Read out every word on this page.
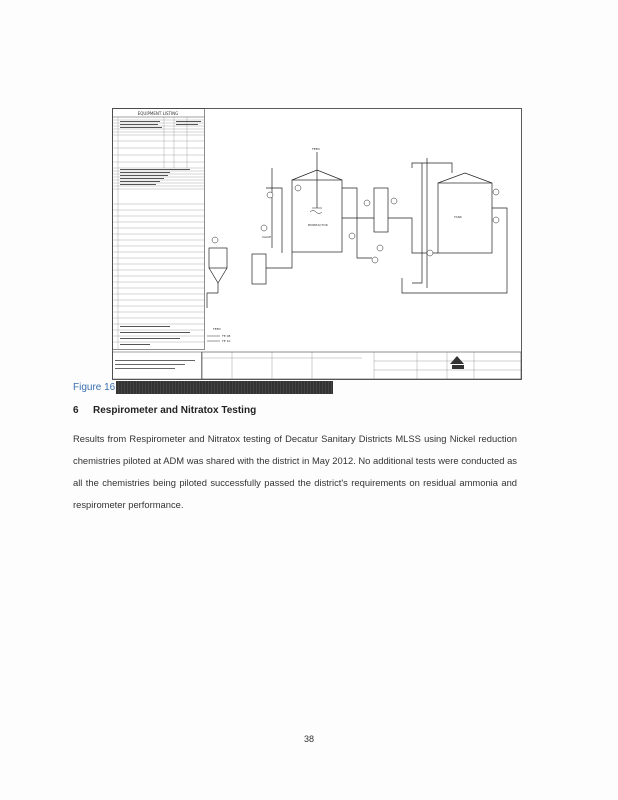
EQUIPMENT LISTING
BIOREACTOR
TANK
VALVE
FEED
FE 08
FE 10
FEED
Figure 16
6	Respirometer and Nitratox Testing
Results from Respirometer and Nitratox testing of Decatur Sanitary Districts MLSS using Nickel reduction chemistries piloted at ADM was shared with the district in May 2012. No additional tests were conducted as all the chemistries being piloted successfully passed the district's requirements on residual ammonia and respirometer performance.
38
